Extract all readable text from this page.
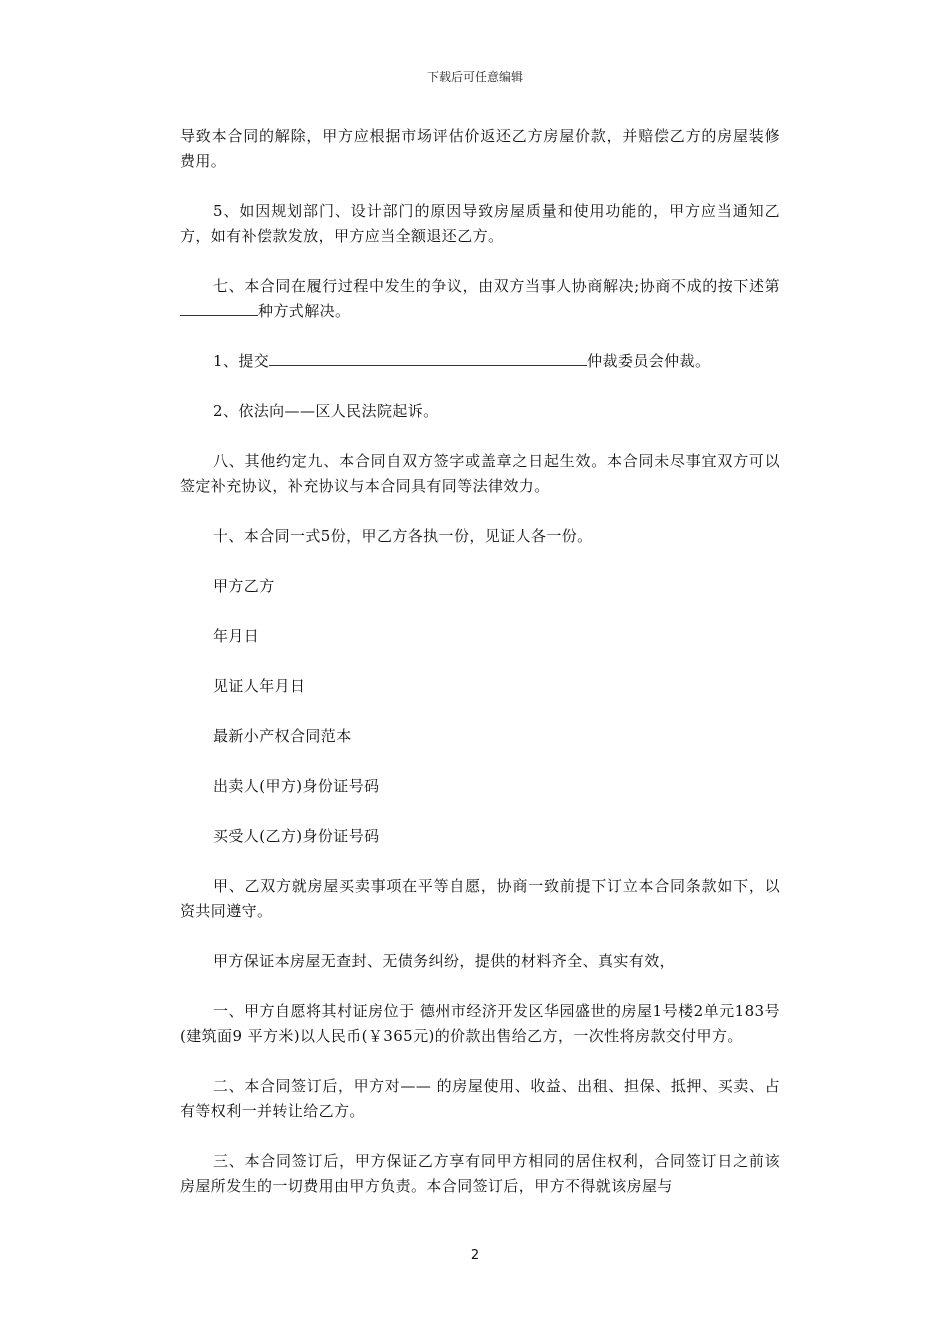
下载后可任意编辑

导致本合同的解除，甲方应根据市场评估价返还乙方房屋价款，并赔偿乙方的房屋装修费用。

5、如因规划部门、设计部门的原因导致房屋质量和使用功能的，甲方应当通知乙方，如有补偿款发放，甲方应当全额退还乙方。

七、本合同在履行过程中发生的争议，由双方当事人协商解决;协商不成的按下述第种方式解决。

1、提交	仲裁委员会仲裁。

2、依法向——区人民法院起诉。

八、其他约定九、本合同自双方签字或盖章之日起生效。本合同未尽事宜双方可以签定补充协议，补充协议与本合同具有同等法律效力。

十、本合同一式5份，甲乙方各执一份，见证人各一份。

甲方乙方

年月日

见证人年月日

最新小产权合同范本

出卖人(甲方)身份证号码

买受人(乙方)身份证号码

甲、乙双方就房屋买卖事项在平等自愿，协商一致前提下订立本合同条款如下，以资共同遵守。

甲方保证本房屋无查封、无债务纠纷，提供的材料齐全、真实有效，

一、甲方自愿将其村证房位于 德州市经济开发区华园盛世的房屋1号楼2单元183号(建筑面9 平方米)以人民币(￥365元)的价款出售给乙方，一次性将房款交付甲方。

二、本合同签订后，甲方对—— 的房屋使用、收益、出租、担保、抵押、买卖、占有等权利一并转让给乙方。

三、本合同签订后，甲方保证乙方享有同甲方相同的居住权利，合同签订日之前该房屋所发生的一切费用由甲方负责。本合同签订后，甲方不得就该房屋与

2
